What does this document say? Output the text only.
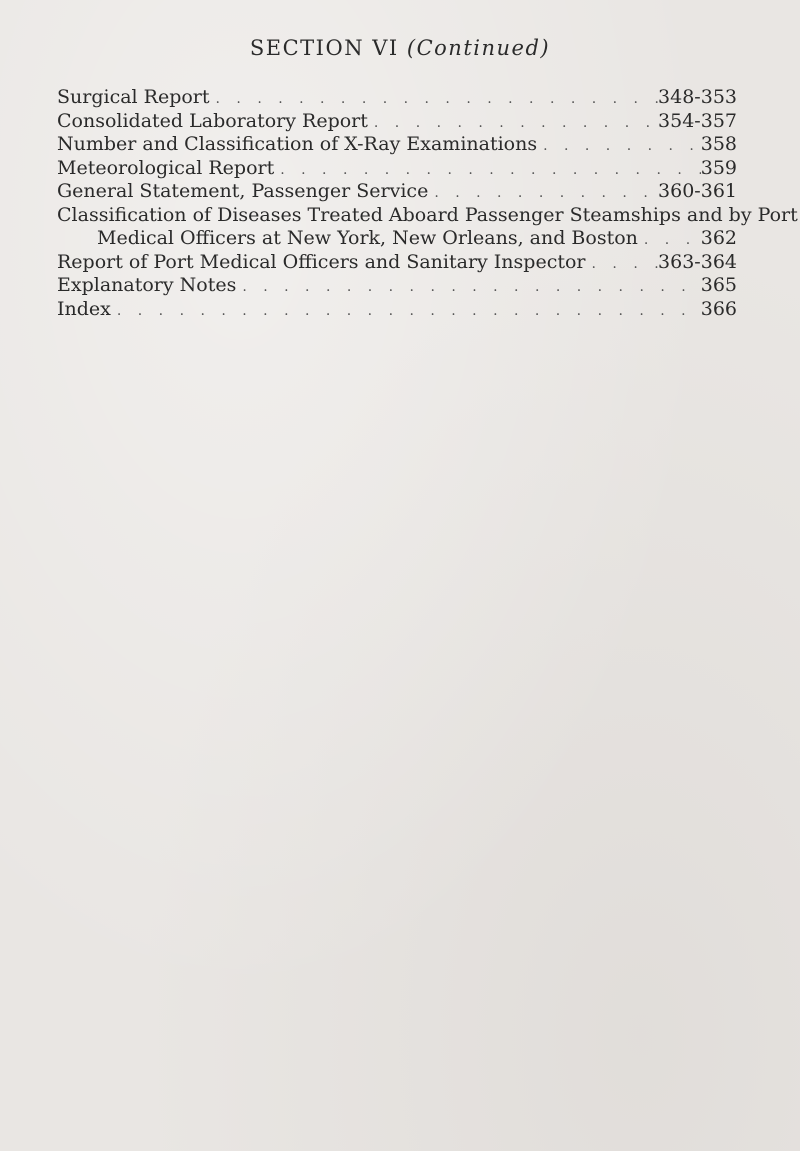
SECTION VI (Continued)
Surgical Report . . .	348-353
Consolidated Laboratory Report . . .	354-357
Number and Classification of X-Ray Examinations . . .	358
Meteorological Report . . .	359
General Statement, Passenger Service . . .	360-361
Classification of Diseases Treated Aboard Passenger Steamships and by Port
Medical Officers at New York, New Orleans, and Boston . . .	362
Report of Port Medical Officers and Sanitary Inspector . . .	363-364
Explanatory Notes . . .	365
Index . . .	366
